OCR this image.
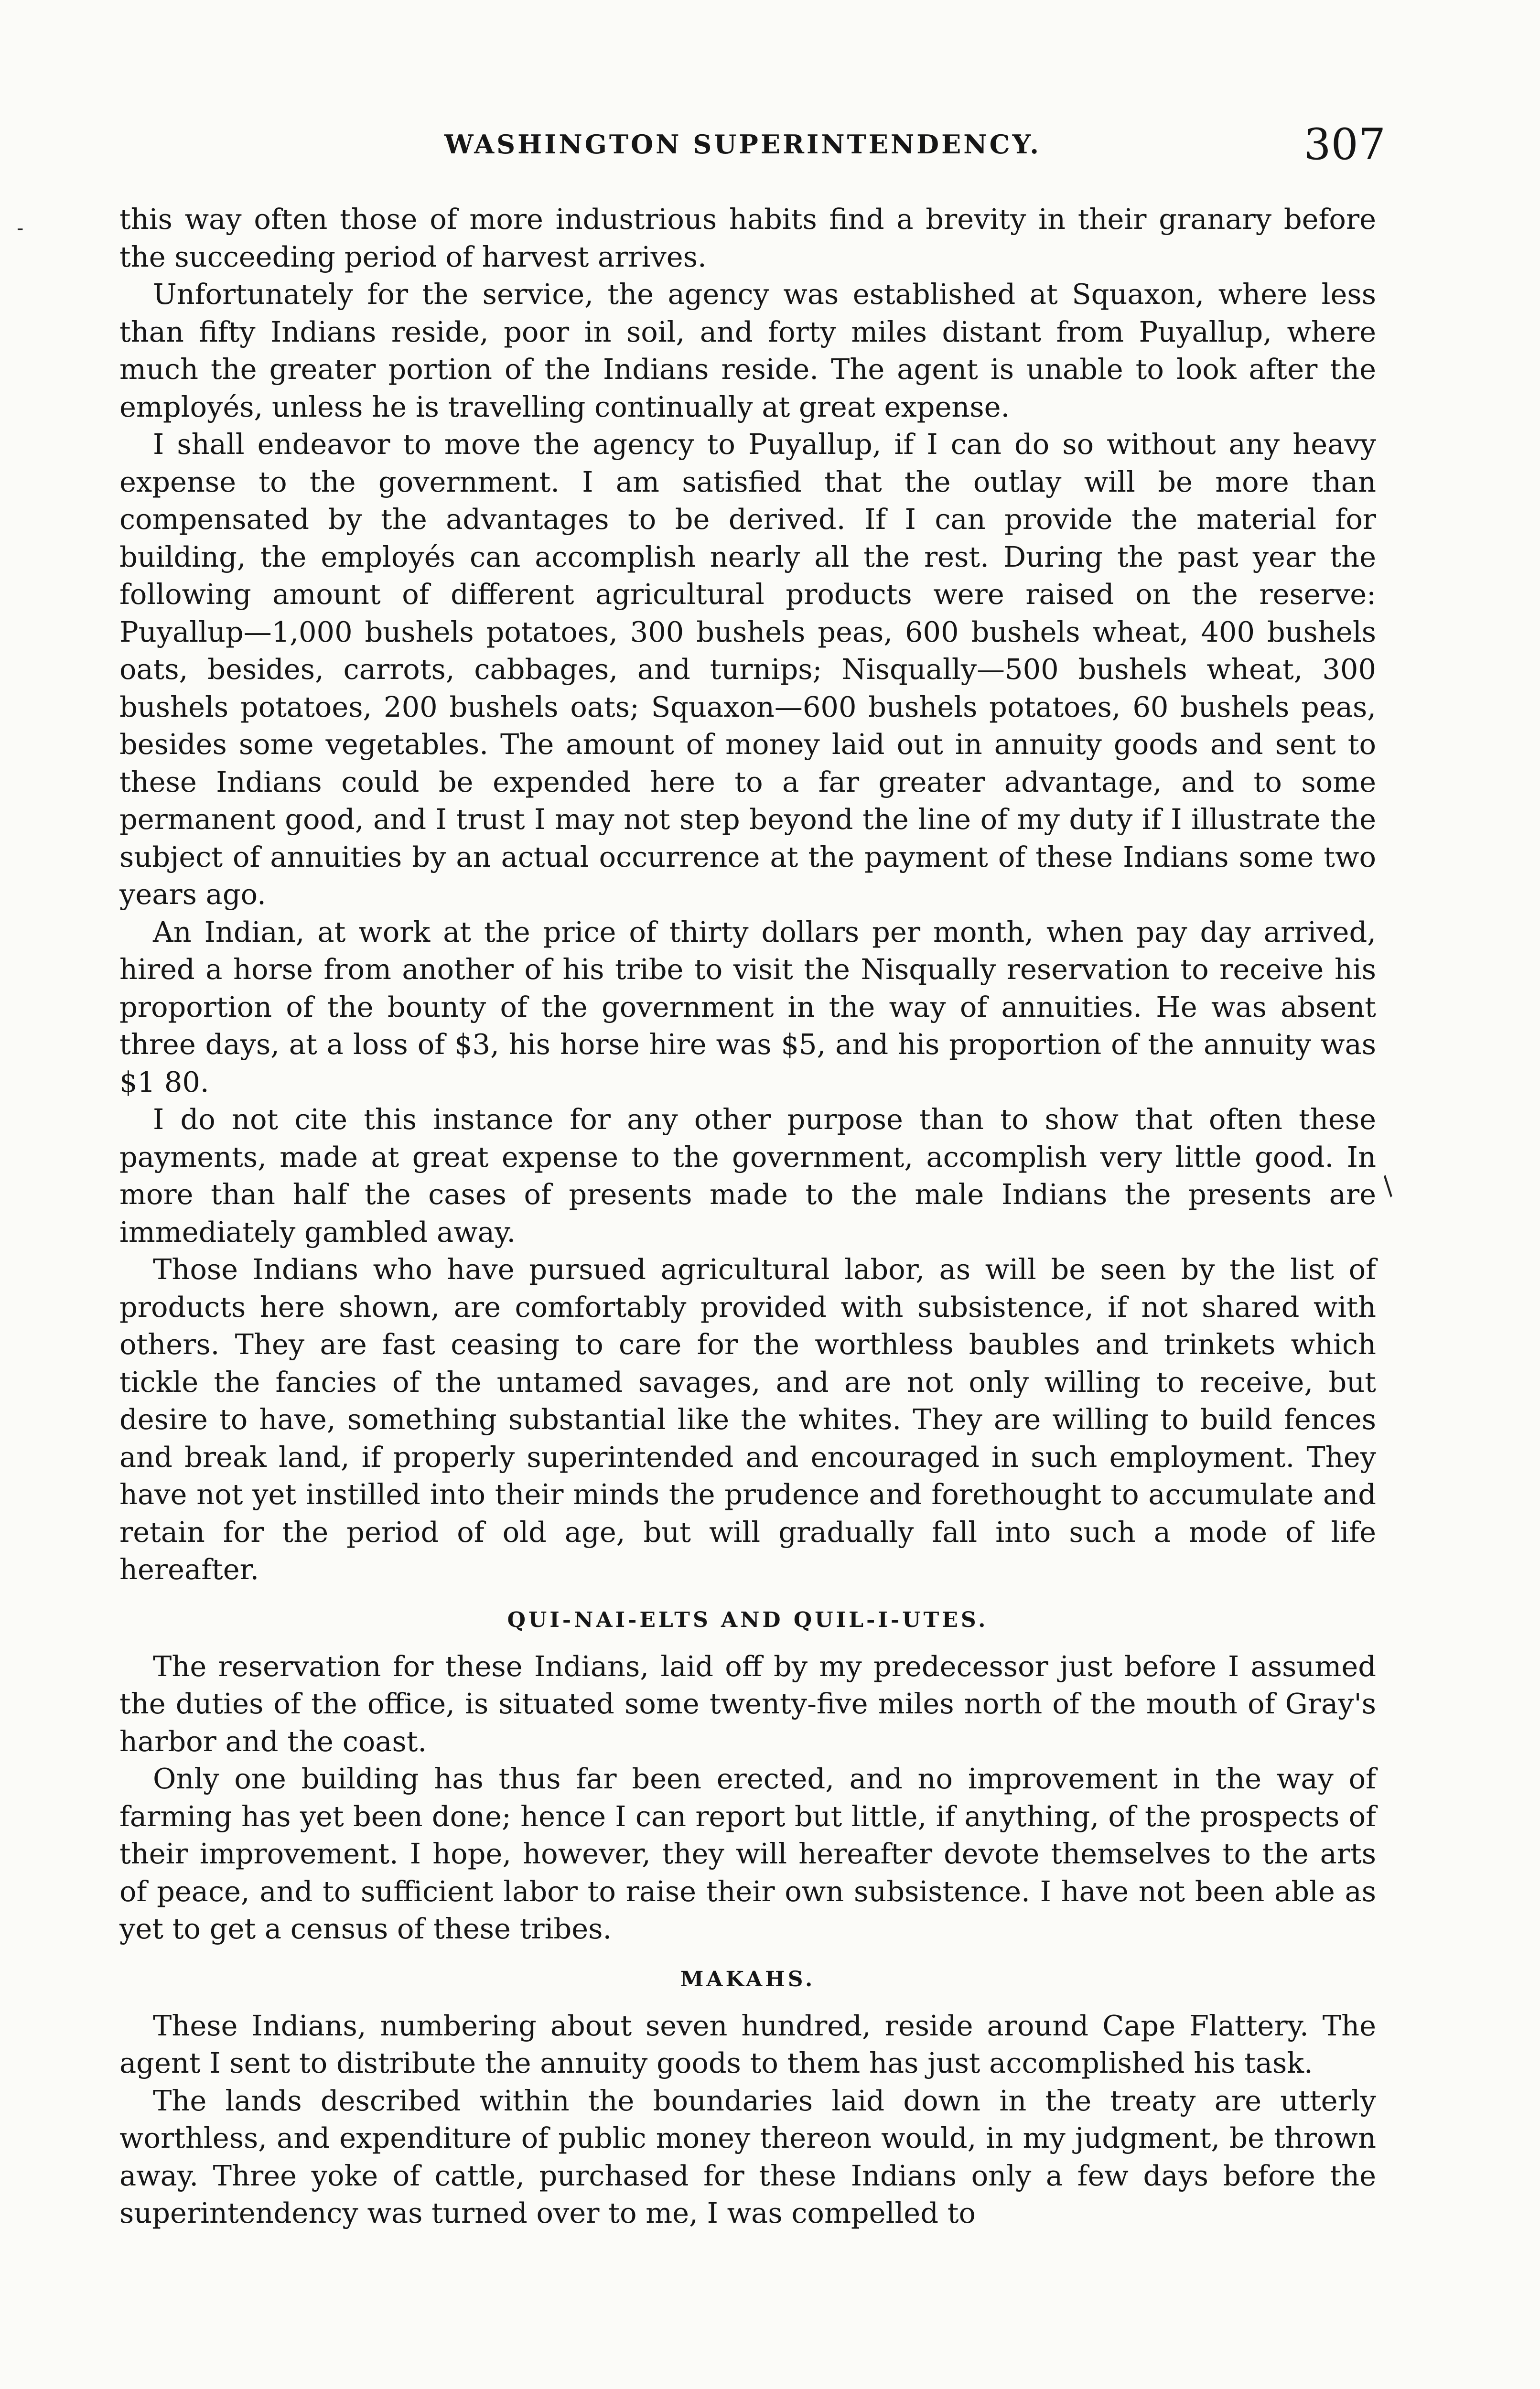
WASHINGTON SUPERINTENDENCY.	307
-
/

this way often those of more industrious habits find a brevity in their granary before the succeeding period of harvest arrives.

Unfortunately for the service, the agency was established at Squaxon, where less than fifty Indians reside, poor in soil, and forty miles distant from Puyallup, where much the greater portion of the Indians reside. The agent is unable to look after the employés, unless he is travelling continually at great expense.

I shall endeavor to move the agency to Puyallup, if I can do so without any heavy expense to the government. I am satisfied that the outlay will be more than compensated by the advantages to be derived. If I can provide the material for building, the employés can accomplish nearly all the rest. During the past year the following amount of different agricultural products were raised on the reserve: Puyallup—1,000 bushels potatoes, 300 bushels peas, 600 bushels wheat, 400 bushels oats, besides, carrots, cabbages, and turnips; Nisqually—500 bushels wheat, 300 bushels potatoes, 200 bushels oats; Squaxon—600 bushels potatoes, 60 bushels peas, besides some vegetables. The amount of money laid out in annuity goods and sent to these Indians could be expended here to a far greater advantage, and to some permanent good, and I trust I may not step beyond the line of my duty if I illustrate the subject of annuities by an actual occurrence at the payment of these Indians some two years ago.

An Indian, at work at the price of thirty dollars per month, when pay day arrived, hired a horse from another of his tribe to visit the Nisqually reservation to receive his proportion of the bounty of the government in the way of annuities. He was absent three days, at a loss of $3, his horse hire was $5, and his proportion of the annuity was $1 80.

I do not cite this instance for any other purpose than to show that often these payments, made at great expense to the government, accomplish very little good. In more than half the cases of presents made to the male Indians the presents are immediately gambled away.

Those Indians who have pursued agricultural labor, as will be seen by the list of products here shown, are comfortably provided with subsistence, if not shared with others. They are fast ceasing to care for the worthless baubles and trinkets which tickle the fancies of the untamed savages, and are not only willing to receive, but desire to have, something substantial like the whites. They are willing to build fences and break land, if properly superintended and encouraged in such employment. They have not yet instilled into their minds the prudence and forethought to accumulate and retain for the period of old age, but will gradually fall into such a mode of life hereafter.

QUI-NAI-ELTS AND QUIL-I-UTES.

The reservation for these Indians, laid off by my predecessor just before I assumed the duties of the office, is situated some twenty-five miles north of the mouth of Gray's harbor and the coast.

Only one building has thus far been erected, and no improvement in the way of farming has yet been done; hence I can report but little, if anything, of the prospects of their improvement. I hope, however, they will hereafter devote themselves to the arts of peace, and to sufficient labor to raise their own subsistence. I have not been able as yet to get a census of these tribes.

MAKAHS.

These Indians, numbering about seven hundred, reside around Cape Flattery. The agent I sent to distribute the annuity goods to them has just accomplished his task.

The lands described within the boundaries laid down in the treaty are utterly worthless, and expenditure of public money thereon would, in my judgment, be thrown away. Three yoke of cattle, purchased for these Indians only a few days before the superintendency was turned over to me, I was compelled to
